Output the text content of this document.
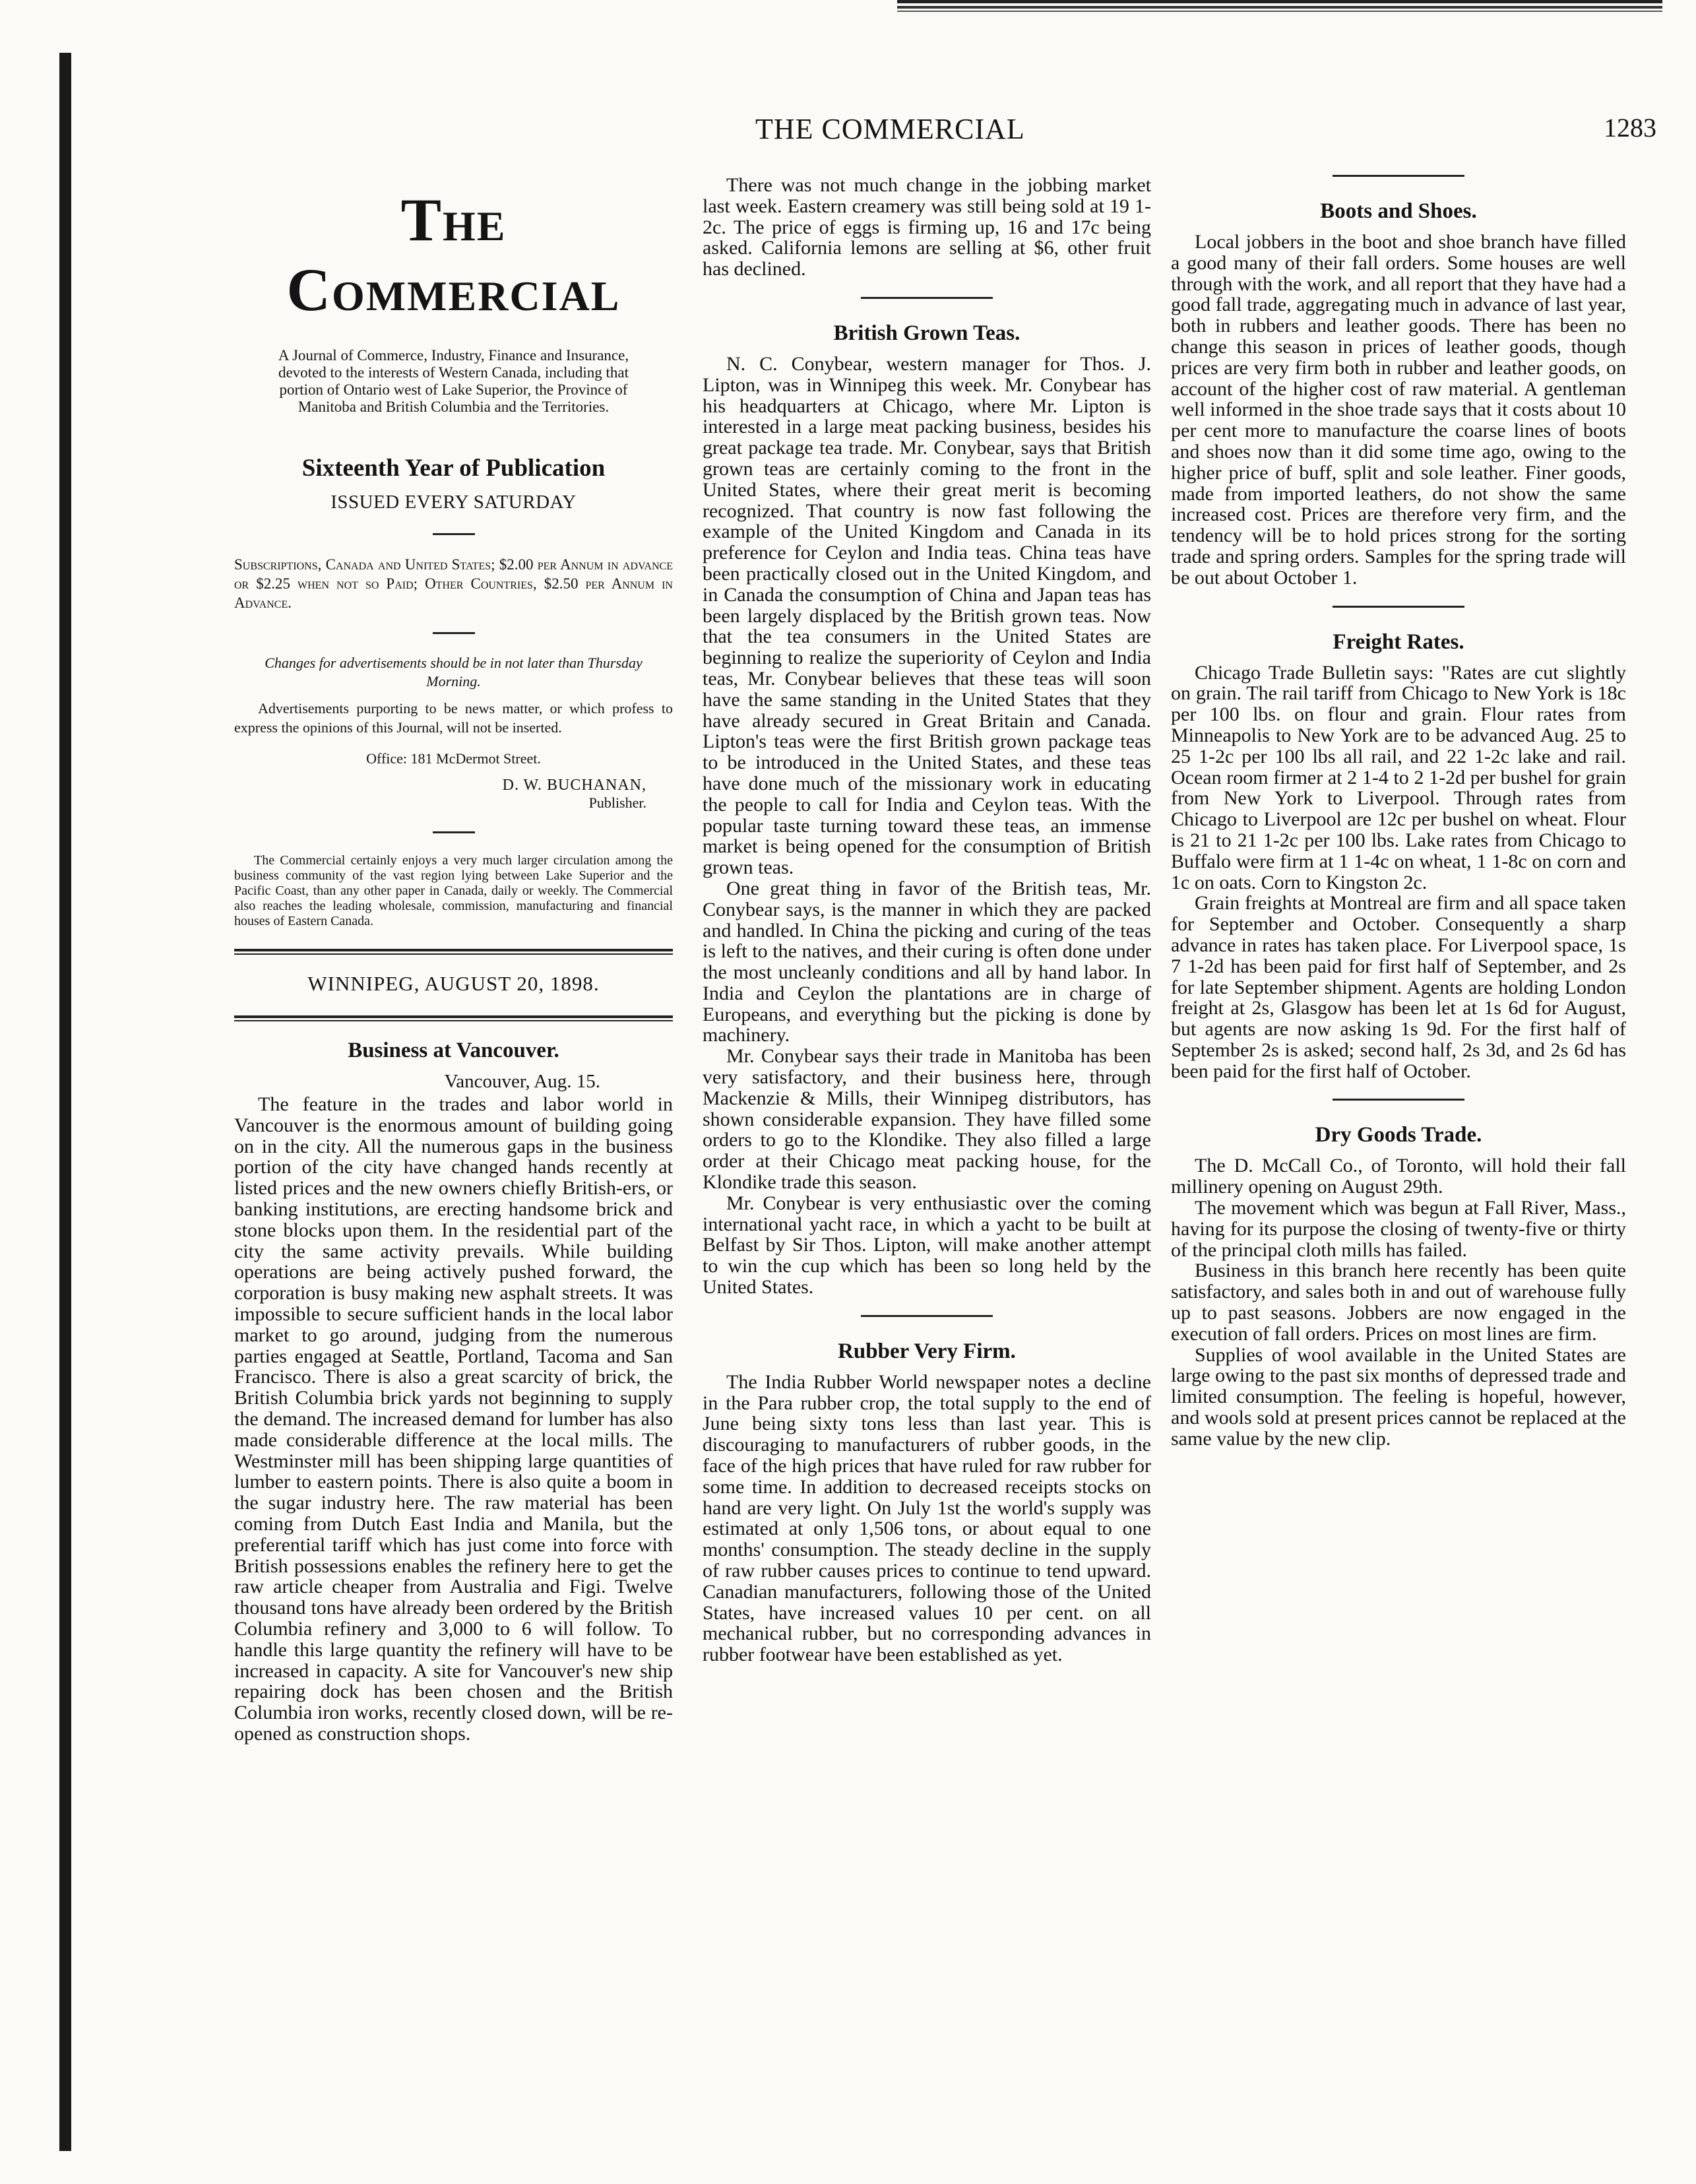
THE COMMERCIAL	1283
The Commercial
A Journal of Commerce, Industry, Finance and Insurance, devoted to the interests of Western Canada, including that portion of Ontario west of Lake Superior, the Province of Manitoba and British Columbia and the Territories.
Sixteenth Year of Publication
ISSUED EVERY SATURDAY
Subscriptions, Canada and United States; $2.00 per Annum in advance or $2.25 when not so Paid; Other Countries, $2.50 per Annum in Advance.
Changes for advertisements should be in not later than Thursday Morning.
Advertisements purporting to be news matter, or which profess to express the opinions of this Journal, will not be inserted.
Office: 181 McDermot Street.
D. W. BUCHANAN,
Publisher.
The Commercial certainly enjoys a very much larger circulation among the business community of the vast region lying between Lake Superior and the Pacific Coast, than any other paper in Canada, daily or weekly. The Commercial also reaches the leading wholesale, commission, manufacturing and financial houses of Eastern Canada.
WINNIPEG, AUGUST 20, 1898.
Business at Vancouver.
Vancouver, Aug. 15.

The feature in the trades and labor world in Vancouver is the enormous amount of building going on in the city. All the numerous gaps in the business portion of the city have changed hands recently at listed prices and the new owners chiefly British-ers, or banking institutions, are erecting handsome brick and stone blocks upon them. In the residential part of the city the same activity prevails. While building operations are being actively pushed forward, the corporation is busy making new asphalt streets. It was impossible to secure sufficient hands in the local labor market to go around, judging from the numerous parties engaged at Seattle, Portland, Tacoma and San Francisco. There is also a great scarcity of brick, the British Columbia brick yards not beginning to supply the demand. The increased demand for lumber has also made considerable difference at the local mills. The Westminster mill has been shipping large quantities of lumber to eastern points. There is also quite a boom in the sugar industry here. The raw material has been coming from Dutch East India and Manila, but the preferential tariff which has just come into force with British possessions enables the refinery here to get the raw article cheaper from Australia and Figi. Twelve thousand tons have already been ordered by the British Columbia refinery and 3,000 to 6 will follow. To handle this large quantity the refinery will have to be increased in capacity. A site for Vancouver's new ship repairing dock has been chosen and the British Columbia iron works, recently closed down, will be re-opened as construction shops.

There was not much change in the jobbing market last week. Eastern creamery was still being sold at 19 1-2c. The price of eggs is firming up, 16 and 17c being asked. California lemons are selling at $6, other fruit has declined.

British Grown Teas.

N. C. Conybear, western manager for Thos. J. Lipton, was in Winnipeg this week. Mr. Conybear has his headquarters at Chicago, where Mr. Lipton is interested in a large meat packing business, besides his great package tea trade. Mr. Conybear, says that British grown teas are certainly coming to the front in the United States, where their great merit is becoming recognized. That country is now fast following the example of the United Kingdom and Canada in its preference for Ceylon and India teas. China teas have been practically closed out in the United Kingdom, and in Canada the consumption of China and Japan teas has been largely displaced by the British grown teas. Now that the tea consumers in the United States are beginning to realize the superiority of Ceylon and India teas, Mr. Conybear believes that these teas will soon have the same standing in the United States that they have already secured in Great Britain and Canada. Lipton's teas were the first British grown package teas to be introduced in the United States, and these teas have done much of the missionary work in educating the people to call for India and Ceylon teas. With the popular taste turning toward these teas, an immense market is being opened for the consumption of British grown teas.

One great thing in favor of the British teas, Mr. Conybear says, is the manner in which they are packed and handled. In China the picking and curing of the teas is left to the natives, and their curing is often done under the most uncleanly conditions and all by hand labor. In India and Ceylon the plantations are in charge of Europeans, and everything but the picking is done by machinery.

Mr. Conybear says their trade in Manitoba has been very satisfactory, and their business here, through Mackenzie & Mills, their Winnipeg distributors, has shown considerable expansion. They have filled some orders to go to the Klondike. They also filled a large order at their Chicago meat packing house, for the Klondike trade this season.

Mr. Conybear is very enthusiastic over the coming international yacht race, in which a yacht to be built at Belfast by Sir Thos. Lipton, will make another attempt to win the cup which has been so long held by the United States.

Rubber Very Firm.

The India Rubber World newspaper notes a decline in the Para rubber crop, the total supply to the end of June being sixty tons less than last year. This is discouraging to manufacturers of rubber goods, in the face of the high prices that have ruled for raw rubber for some time. In addition to decreased receipts stocks on hand are very light. On July 1st the world's supply was estimated at only 1,506 tons, or about equal to one months' consumption. The steady decline in the supply of raw rubber causes prices to continue to tend upward. Canadian manufacturers, following those of the United States, have increased values 10 per cent. on all mechanical rubber, but no corresponding advances in rubber footwear have been established as yet.

Boots and Shoes.

Local jobbers in the boot and shoe branch have filled a good many of their fall orders. Some houses are well through with the work, and all report that they have had a good fall trade, aggregating much in advance of last year, both in rubbers and leather goods. There has been no change this season in prices of leather goods, though prices are very firm both in rubber and leather goods, on account of the higher cost of raw material. A gentleman well informed in the shoe trade says that it costs about 10 per cent more to manufacture the coarse lines of boots and shoes now than it did some time ago, owing to the higher price of buff, split and sole leather. Finer goods, made from imported leathers, do not show the same increased cost. Prices are therefore very firm, and the tendency will be to hold prices strong for the sorting trade and spring orders. Samples for the spring trade will be out about October 1.

Freight Rates.

Chicago Trade Bulletin says: "Rates are cut slightly on grain. The rail tariff from Chicago to New York is 18c per 100 lbs. on flour and grain. Flour rates from Minneapolis to New York are to be advanced Aug. 25 to 25 1-2c per 100 lbs all rail, and 22 1-2c lake and rail. Ocean room firmer at 2 1-4 to 2 1-2d per bushel for grain from New York to Liverpool. Through rates from Chicago to Liverpool are 12c per bushel on wheat. Flour is 21 to 21 1-2c per 100 lbs. Lake rates from Chicago to Buffalo were firm at 1 1-4c on wheat, 1 1-8c on corn and 1c on oats. Corn to Kingston 2c.

Grain freights at Montreal are firm and all space taken for September and October. Consequently a sharp advance in rates has taken place. For Liverpool space, 1s 7 1-2d has been paid for first half of September, and 2s for late September shipment. Agents are holding London freight at 2s, Glasgow has been let at 1s 6d for August, but agents are now asking 1s 9d. For the first half of September 2s is asked; second half, 2s 3d, and 2s 6d has been paid for the first half of October.

Dry Goods Trade.

The D. McCall Co., of Toronto, will hold their fall millinery opening on August 29th.

The movement which was begun at Fall River, Mass., having for its purpose the closing of twenty-five or thirty of the principal cloth mills has failed.

Business in this branch here recently has been quite satisfactory, and sales both in and out of warehouse fully up to past seasons. Jobbers are now engaged in the execution of fall orders. Prices on most lines are firm.

Supplies of wool available in the United States are large owing to the past six months of depressed trade and limited consumption. The feeling is hopeful, however, and wools sold at present prices cannot be replaced at the same value by the new clip.
